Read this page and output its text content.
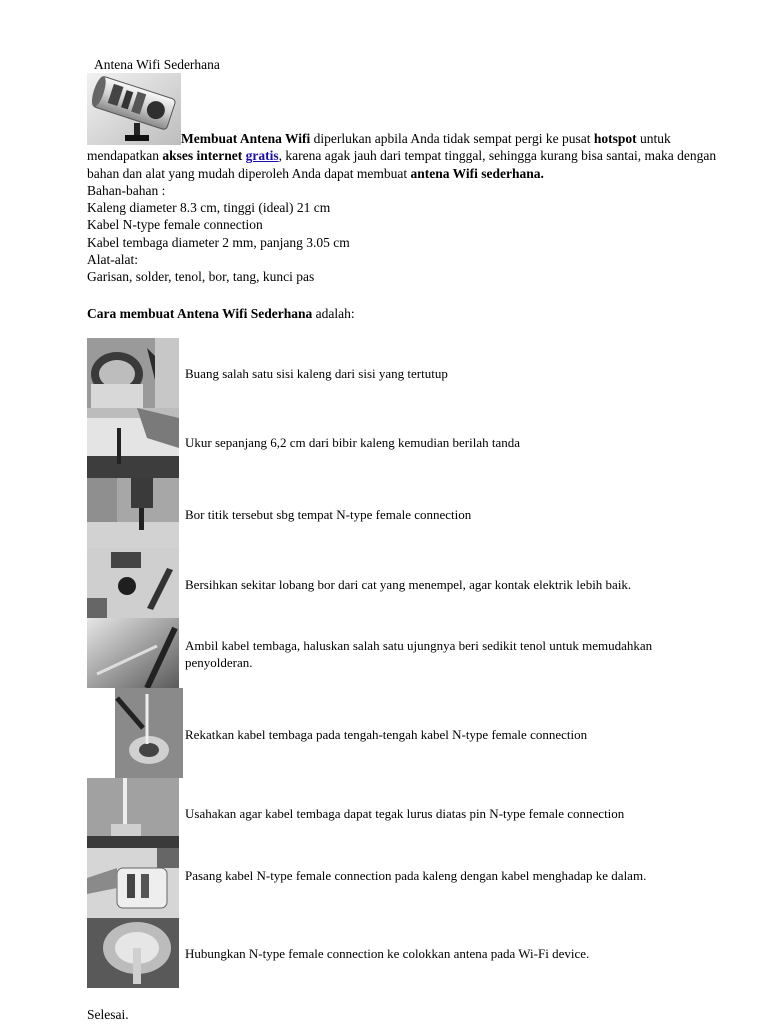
Antena Wifi Sederhana
Membuat Antena Wifi diperlukan apbila Anda tidak sempat pergi ke pusat hotspot untuk mendapatkan akses internet gratis, karena agak jauh dari tempat tinggal, sehingga kurang bisa santai, maka dengan bahan dan alat yang mudah diperoleh Anda dapat membuat antena Wifi sederhana.
Bahan-bahan :
Kaleng diameter 8.3 cm, tinggi (ideal) 21 cm
Kabel N-type female connection
Kabel tembaga diameter 2 mm, panjang 3.05 cm
Alat-alat:
Garisan, solder, tenol, bor, tang, kunci pas
Cara membuat Antena Wifi Sederhana adalah:
Buang salah satu sisi kaleng dari sisi yang tertutup
Ukur sepanjang 6,2 cm dari bibir kaleng kemudian berilah tanda
Bor titik tersebut sbg tempat N-type female connection
Bersihkan sekitar lobang bor dari cat yang menempel, agar kontak elektrik lebih baik.
Ambil kabel tembaga, haluskan salah satu ujungnya beri sedikit tenol untuk memudahkan penyolderan.
Rekatkan kabel tembaga pada tengah-tengah kabel N-type female connection
Usahakan agar kabel tembaga dapat tegak lurus diatas pin N-type female connection
Pasang kabel N-type female connection pada kaleng dengan kabel menghadap ke dalam.
Hubungkan N-type female connection ke colokkan antena pada Wi-Fi device.
Selesai.
